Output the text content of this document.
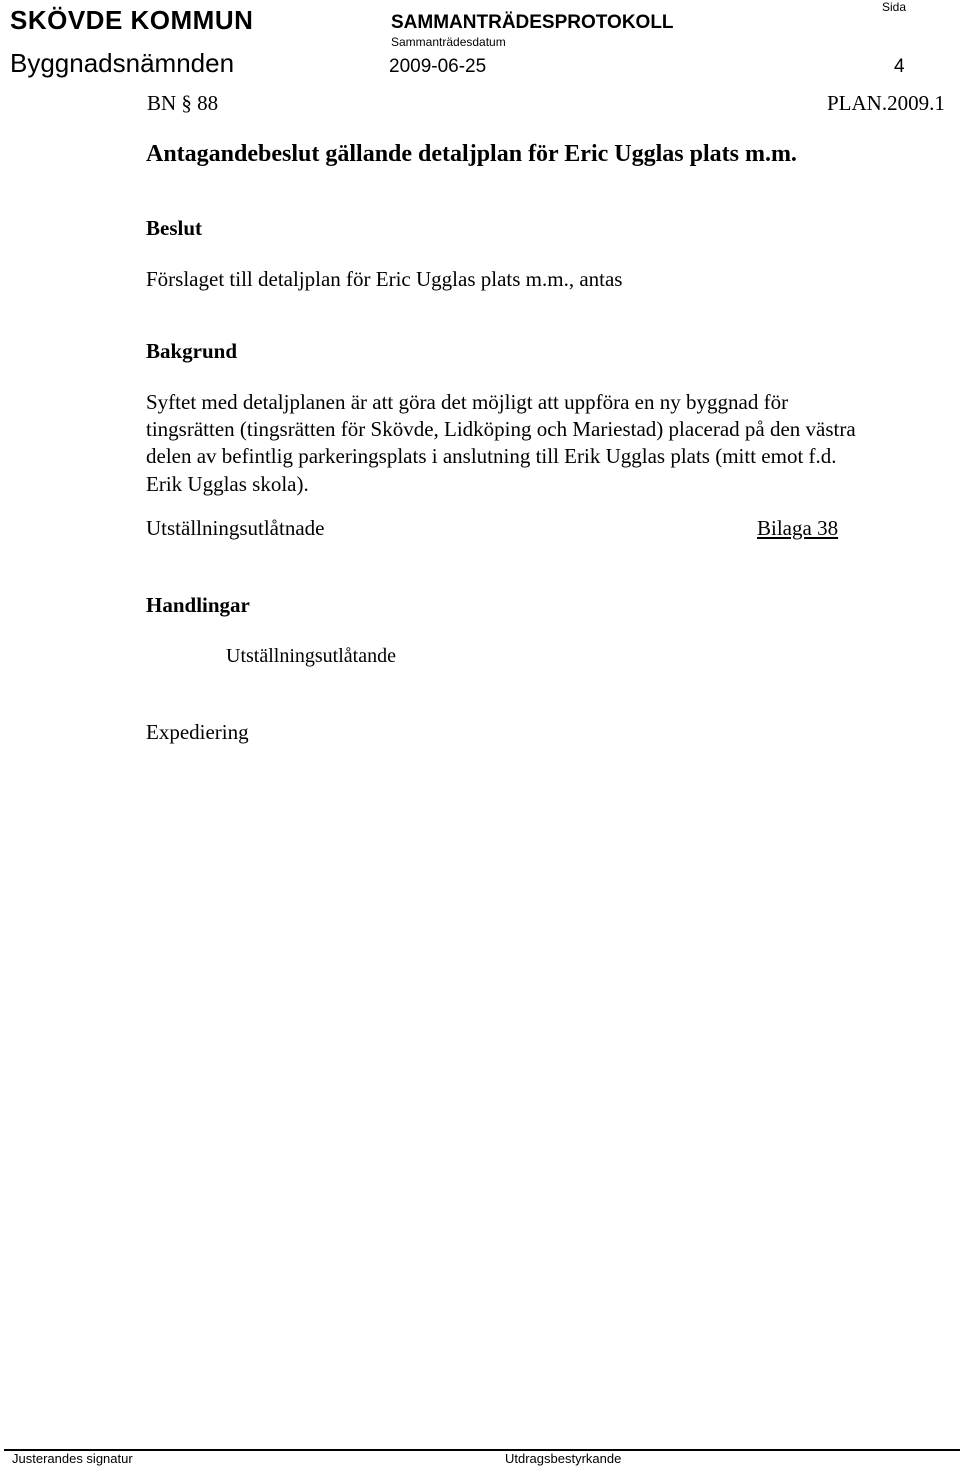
SKÖVDE KOMMUN	SAMMANTRÄDESPROTOKOLL
Sida
Sammanträdesdatum
Byggnadsnämnden	2009-06-25	4
BN § 88	PLAN.2009.1
Antagandebeslut gällande detaljplan för Eric Ugglas plats m.m.
Beslut
Förslaget till detaljplan för Eric Ugglas plats m.m., antas
Bakgrund
Syftet med detaljplanen är att göra det möjligt att uppföra en ny byggnad för
tingsrätten (tingsrätten för Skövde, Lidköping och Mariestad) placerad på den västra
delen av befintlig parkeringsplats i anslutning till Erik Ugglas plats (mitt emot f.d.
Erik Ugglas skola).
Utställningsutlåtnade	Bilaga 38
Handlingar
Utställningsutlåtande
Expediering
Justerandes signatur	Utdragsbestyrkande
